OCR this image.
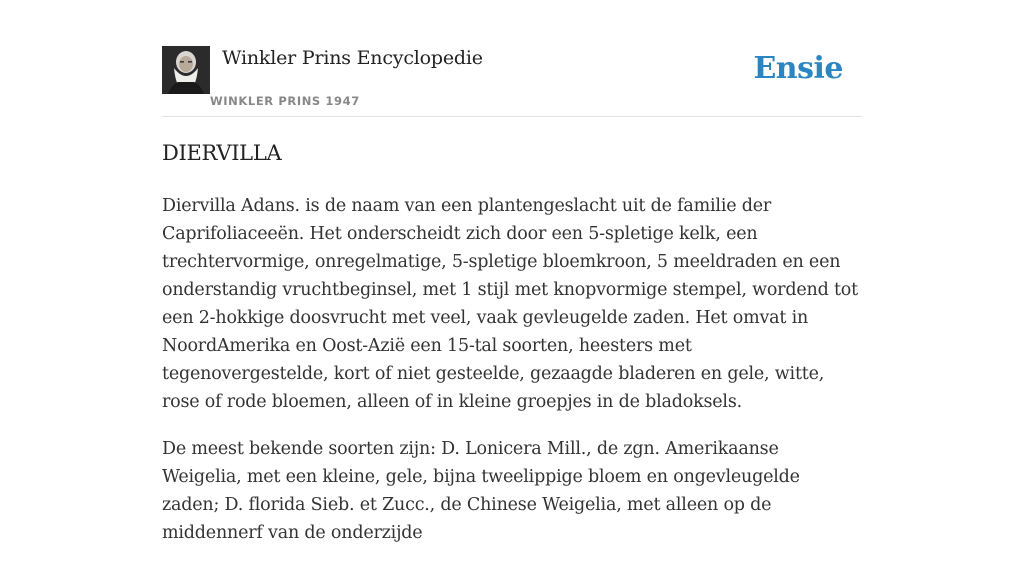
Winkler Prins Encyclopedie
WINKLER PRINS 1947
Ensie
DIERVILLA

Diervilla Adans. is de naam van een plantengeslacht uit de familie der Caprifoliaceeën. Het onderscheidt zich door een 5-spletige kelk, een trechtervormige, onregelmatige, 5-spletige bloemkroon, 5 meeldraden en een onderstandig vruchtbeginsel, met 1 stijl met knopvormige stempel, wordend tot een 2-hokkige doosvrucht met veel, vaak gevleugelde zaden. Het omvat in NoordAmerika en Oost-Azië een 15-tal soorten, heesters met tegenovergestelde, kort of niet gesteelde, gezaagde bladeren en gele, witte, rose of rode bloemen, alleen of in kleine groepjes in de bladoksels.

De meest bekende soorten zijn: D. Lonicera Mill., de zgn. Amerikaanse Weigelia, met een kleine, gele, bijna tweelippige bloem en ongevleugelde zaden; D. florida Sieb. et Zucc., de Chinese Weigelia, met alleen op de middennerf van de onderzijde
